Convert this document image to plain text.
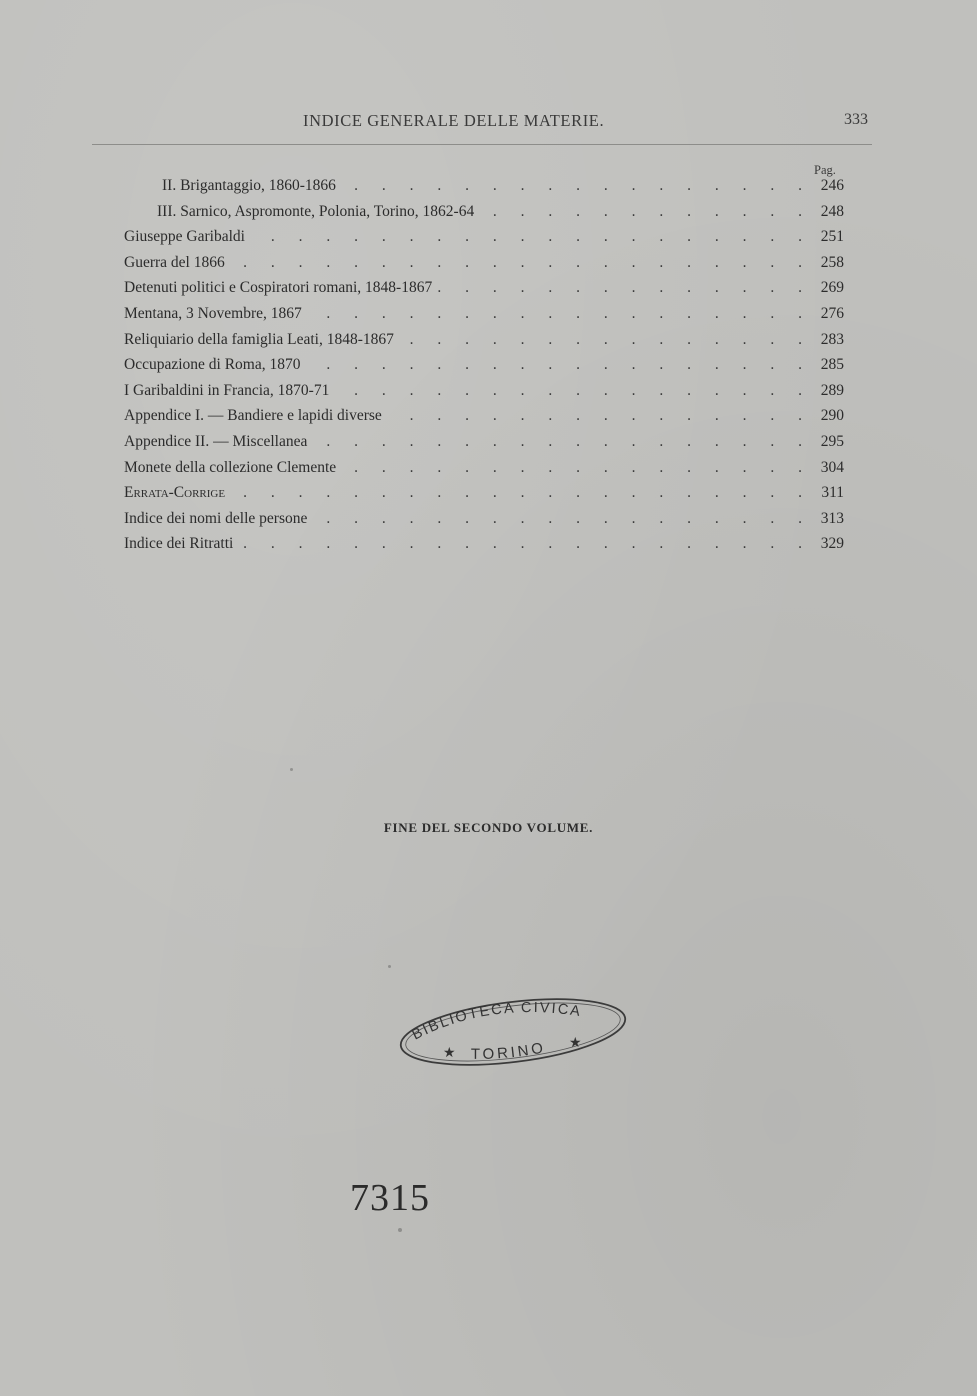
INDICE GENERALE DELLE MATERIE.	333
Pag.
II. Brigantaggio, 1860-1866 . . .	246
III. Sarnico, Aspromonte, Polonia, Torino, 1862-64 . . .	248
Giuseppe Garibaldi . . .	251
Guerra del 1866 . . .	258
Detenuti politici e Cospiratori romani, 1848-1867 . . .	269
Mentana, 3 Novembre, 1867 . . .	276
Reliquiario della famiglia Leati, 1848-1867 . . .	283
Occupazione di Roma, 1870 . . .	285
I Garibaldini in Francia, 1870-71 . . .	289
Appendice I. — Bandiere e lapidi diverse . . .	290
Appendice II. — Miscellanea . . .	295
Monete della collezione Clemente . . .	304
Errata-Corrige . . .	311
Indice dei nomi delle persone . . .	313
Indice dei Ritratti . . .	329
FINE DEL SECONDO VOLUME.
BIBLIOTECA CIVICA
TORINO
★
★
7315
